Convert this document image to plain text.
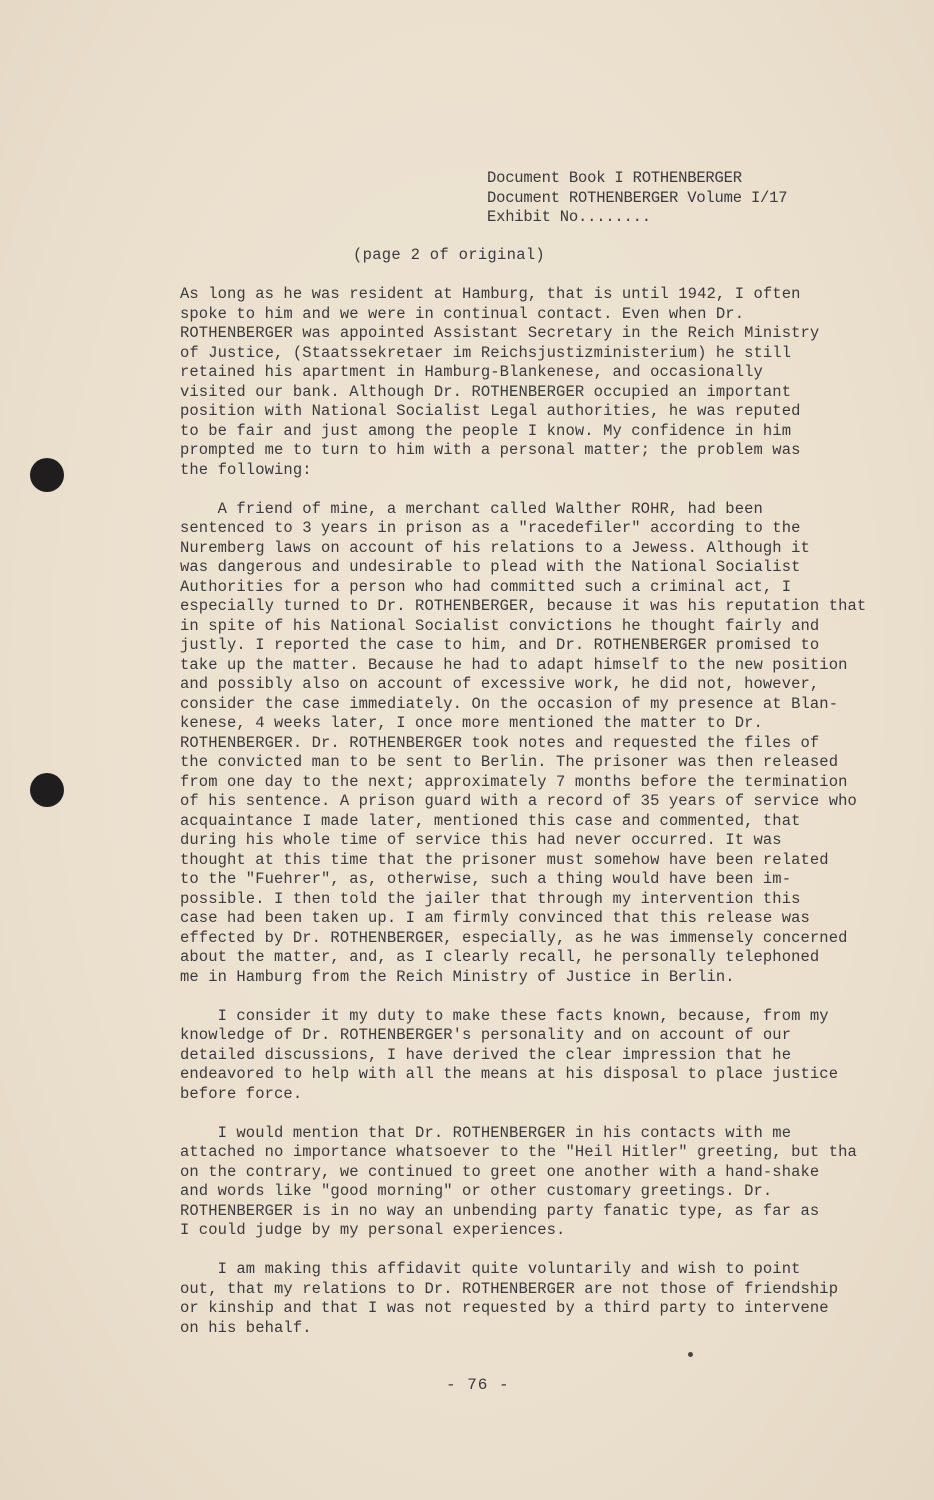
Document Book I ROTHENBERGER
Document ROTHENBERGER Volume I/17
Exhibit No........
(page 2 of original)
As long as he was resident at Hamburg, that is until 1942, I often
spoke to him and we were in continual contact. Even when Dr.
ROTHENBERGER was appointed Assistant Secretary in the Reich Ministry
of Justice, (Staatssekretaer im Reichsjustizministerium) he still
retained his apartment in Hamburg-Blankenese, and occasionally
visited our bank. Although Dr. ROTHENBERGER occupied an important
position with National Socialist Legal authorities, he was reputed
to be fair and just among the people I know. My confidence in him
prompted me to turn to him with a personal matter; the problem was
the following:
A friend of mine, a merchant called Walther ROHR, had been
sentenced to 3 years in prison as a "racedefiler" according to the
Nuremberg laws on account of his relations to a Jewess. Although it
was dangerous and undesirable to plead with the National Socialist
Authorities for a person who had committed such a criminal act, I
especially turned to Dr. ROTHENBERGER, because it was his reputation that
in spite of his National Socialist convictions he thought fairly and
justly. I reported the case to him, and Dr. ROTHENBERGER promised to
take up the matter. Because he had to adapt himself to the new position
and possibly also on account of excessive work, he did not, however,
consider the case immediately. On the occasion of my presence at Blan-
kenese, 4 weeks later, I once more mentioned the matter to Dr.
ROTHENBERGER. Dr. ROTHENBERGER took notes and requested the files of
the convicted man to be sent to Berlin. The prisoner was then released
from one day to the next; approximately 7 months before the termination
of his sentence. A prison guard with a record of 35 years of service who
acquaintance I made later, mentioned this case and commented, that
during his whole time of service this had never occurred. It was
thought at this time that the prisoner must somehow have been related
to the "Fuehrer", as, otherwise, such a thing would have been im-
possible. I then told the jailer that through my intervention this
case had been taken up. I am firmly convinced that this release was
effected by Dr. ROTHENBERGER, especially, as he was immensely concerned
about the matter, and, as I clearly recall, he personally telephoned
me in Hamburg from the Reich Ministry of Justice in Berlin.
I consider it my duty to make these facts known, because, from my
knowledge of Dr. ROTHENBERGER's personality and on account of our
detailed discussions, I have derived the clear impression that he
endeavored to help with all the means at his disposal to place justice
before force.
I would mention that Dr. ROTHENBERGER in his contacts with me
attached no importance whatsoever to the "Heil Hitler" greeting, but tha
on the contrary, we continued to greet one another with a hand-shake
and words like "good morning" or other customary greetings. Dr.
ROTHENBERGER is in no way an unbending party fanatic type, as far as
I could judge by my personal experiences.
I am making this affidavit quite voluntarily and wish to point
out, that my relations to Dr. ROTHENBERGER are not those of friendship
or kinship and that I was not requested by a third party to intervene
on his behalf.
- 76 -
